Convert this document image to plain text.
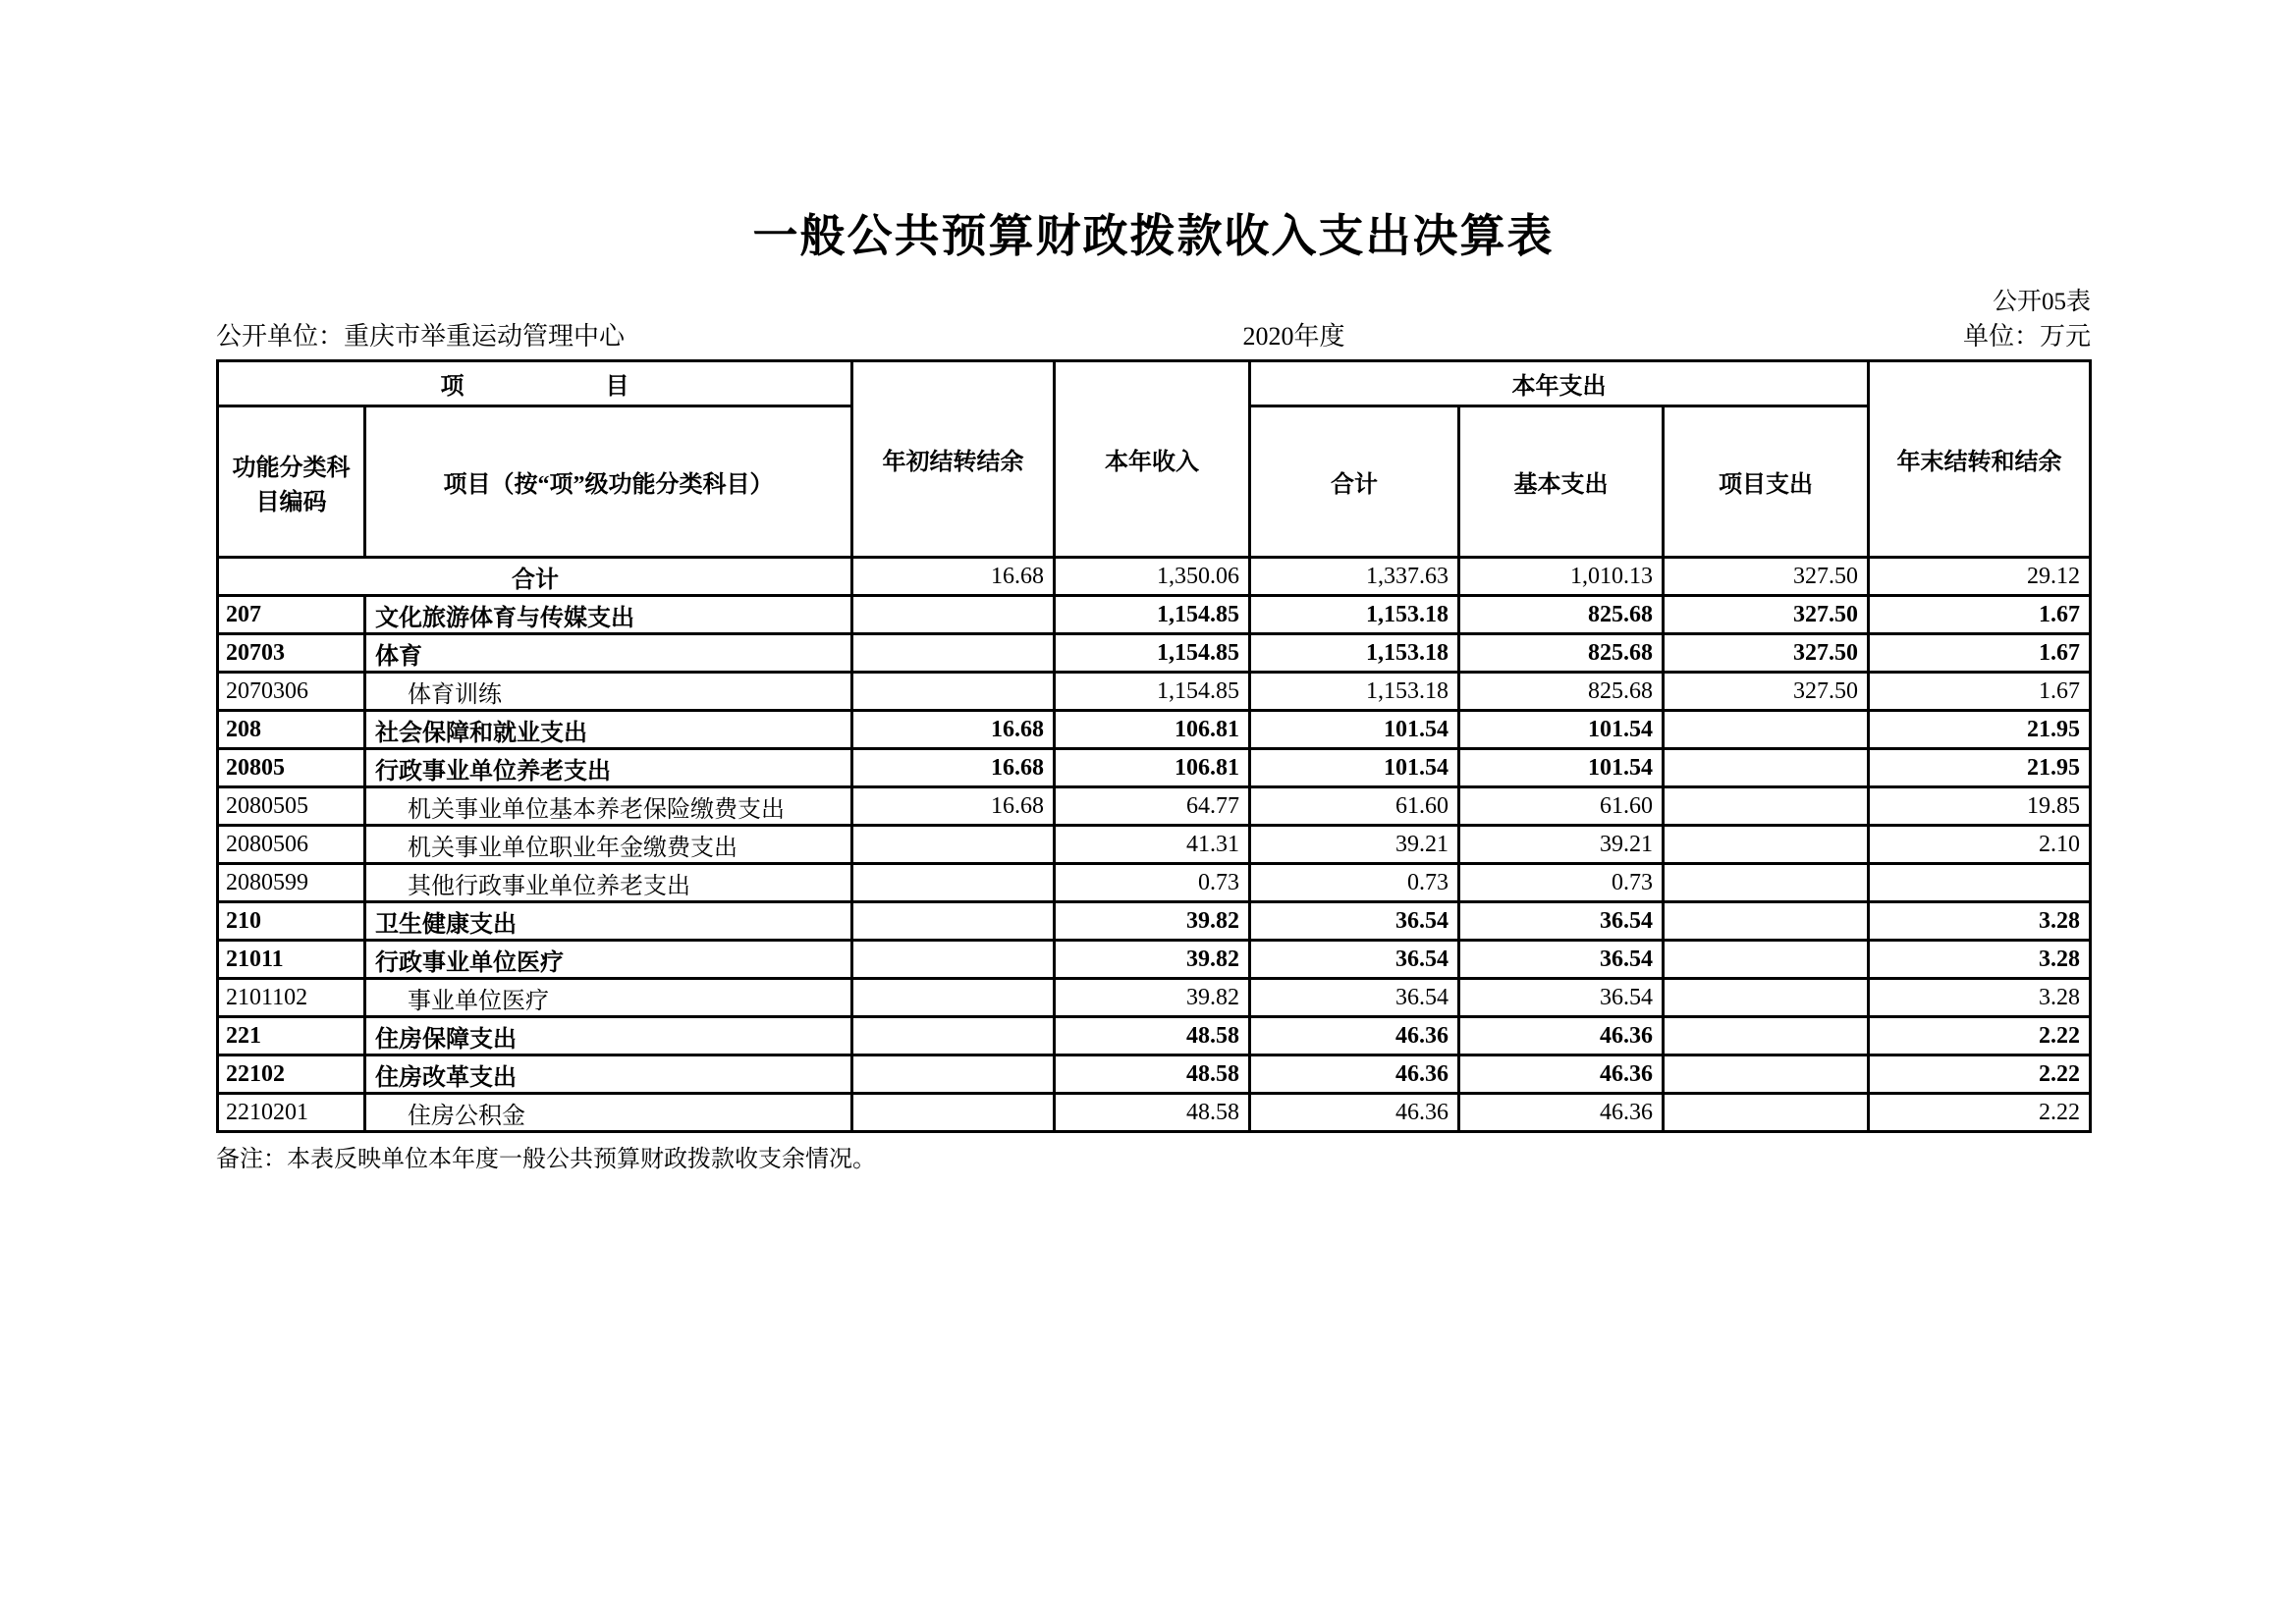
一般公共预算财政拨款收入支出决算表
公开05表
公开单位：重庆市举重运动管理中心	2020年度	单位：万元
项　　　　　　目		年初结转结余	本年收入	本年支出			年末结转和结余
功能分类科目编码	项目（按“项”级功能分类科目）			合计	基本支出	项目支出	
合计		16.68	1,350.06	1,337.63	1,010.13	327.50	29.12
207	文化旅游体育与传媒支出		1,154.85	1,153.18	825.68	327.50	1.67
20703	体育		1,154.85	1,153.18	825.68	327.50	1.67
2070306	体育训练		1,154.85	1,153.18	825.68	327.50	1.67
208	社会保障和就业支出	16.68	106.81	101.54	101.54		21.95
20805	行政事业单位养老支出	16.68	106.81	101.54	101.54		21.95
2080505	机关事业单位基本养老保险缴费支出	16.68	64.77	61.60	61.60		19.85
2080506	机关事业单位职业年金缴费支出		41.31	39.21	39.21		2.10
2080599	其他行政事业单位养老支出		0.73	0.73	0.73		
210	卫生健康支出		39.82	36.54	36.54		3.28
21011	行政事业单位医疗		39.82	36.54	36.54		3.28
2101102	事业单位医疗		39.82	36.54	36.54		3.28
221	住房保障支出		48.58	46.36	46.36		2.22
22102	住房改革支出		48.58	46.36	46.36		2.22
2210201	住房公积金		48.58	46.36	46.36		2.22
备注：本表反映单位本年度一般公共预算财政拨款收支余情况。
